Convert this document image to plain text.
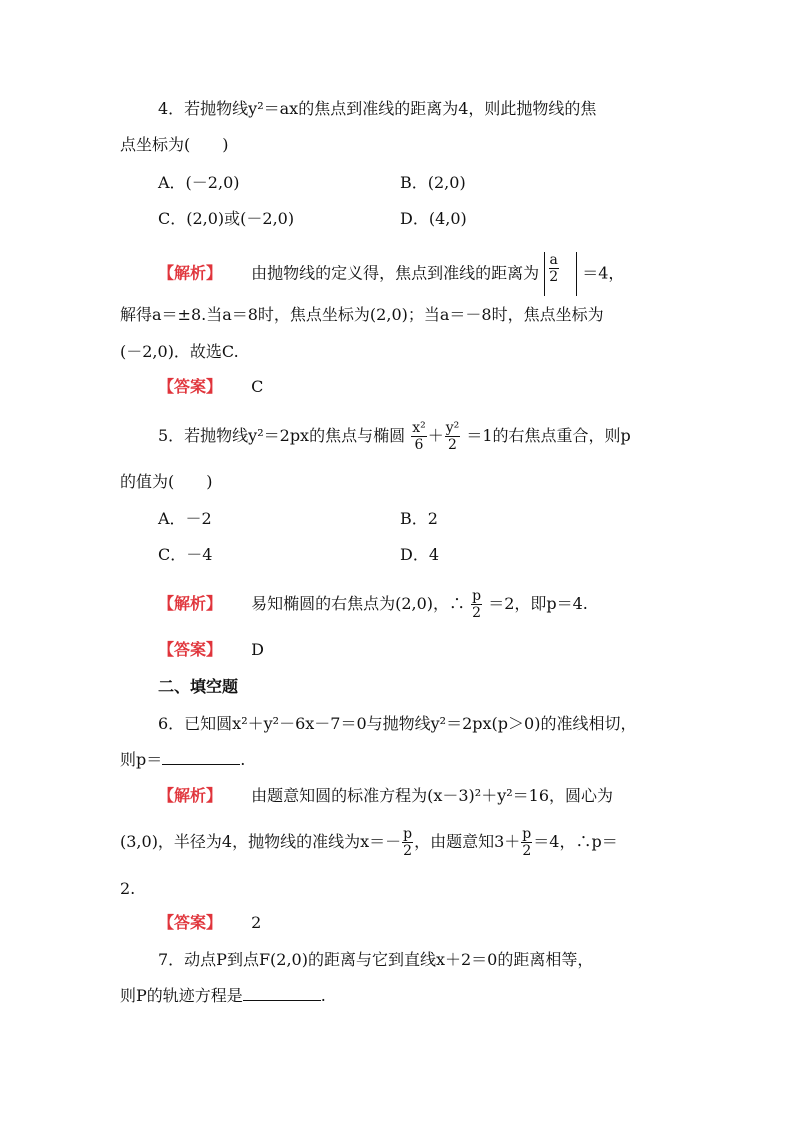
4．若抛物线y²＝ax的焦点到准线的距离为4，则此抛物线的焦
点坐标为(　　)
A．(－2,0)	B．(2,0)
C．(2,0)或(－2,0)	D．(4,0)
【解析】 由抛物线的定义得，焦点到准线的距离为 $\frac{a}{2} =4$，
解得a＝±8.当a＝8时，焦点坐标为(2,0)；当a＝－8时，焦点坐标为
(－2,0)．故选C.
【答案】 C
5．若抛物线y²＝2px的焦点与椭圆 $\frac{\text{x²}}{6} + \frac{\text{y²}}{2} =1$的右焦点重合，则p
的值为(　　)
A．－2	B．2
C．－4	D．4
【解析】 易知椭圆的右焦点为(2,0)，∴ $\frac{p}{2} =2$，即p＝4.
【答案】 D
二、填空题
6．已知圆x²＋y²－6x－7＝0与抛物线y²＝2px(p＞0)的准线相切，
则p＝	.
【解析】 由题意知圆的标准方程为(x－3)²＋y²＝16，圆心为
(3,0)，半径为4，抛物线的准线为$x=- \frac{p}{2}$ ，由题意知$3+ \frac{p}{2} =4$，∴p＝
2.
【答案】 2
7．动点P到点F(2,0)的距离与它到直线x＋2＝0的距离相等，
则P的轨迹方程是	.
